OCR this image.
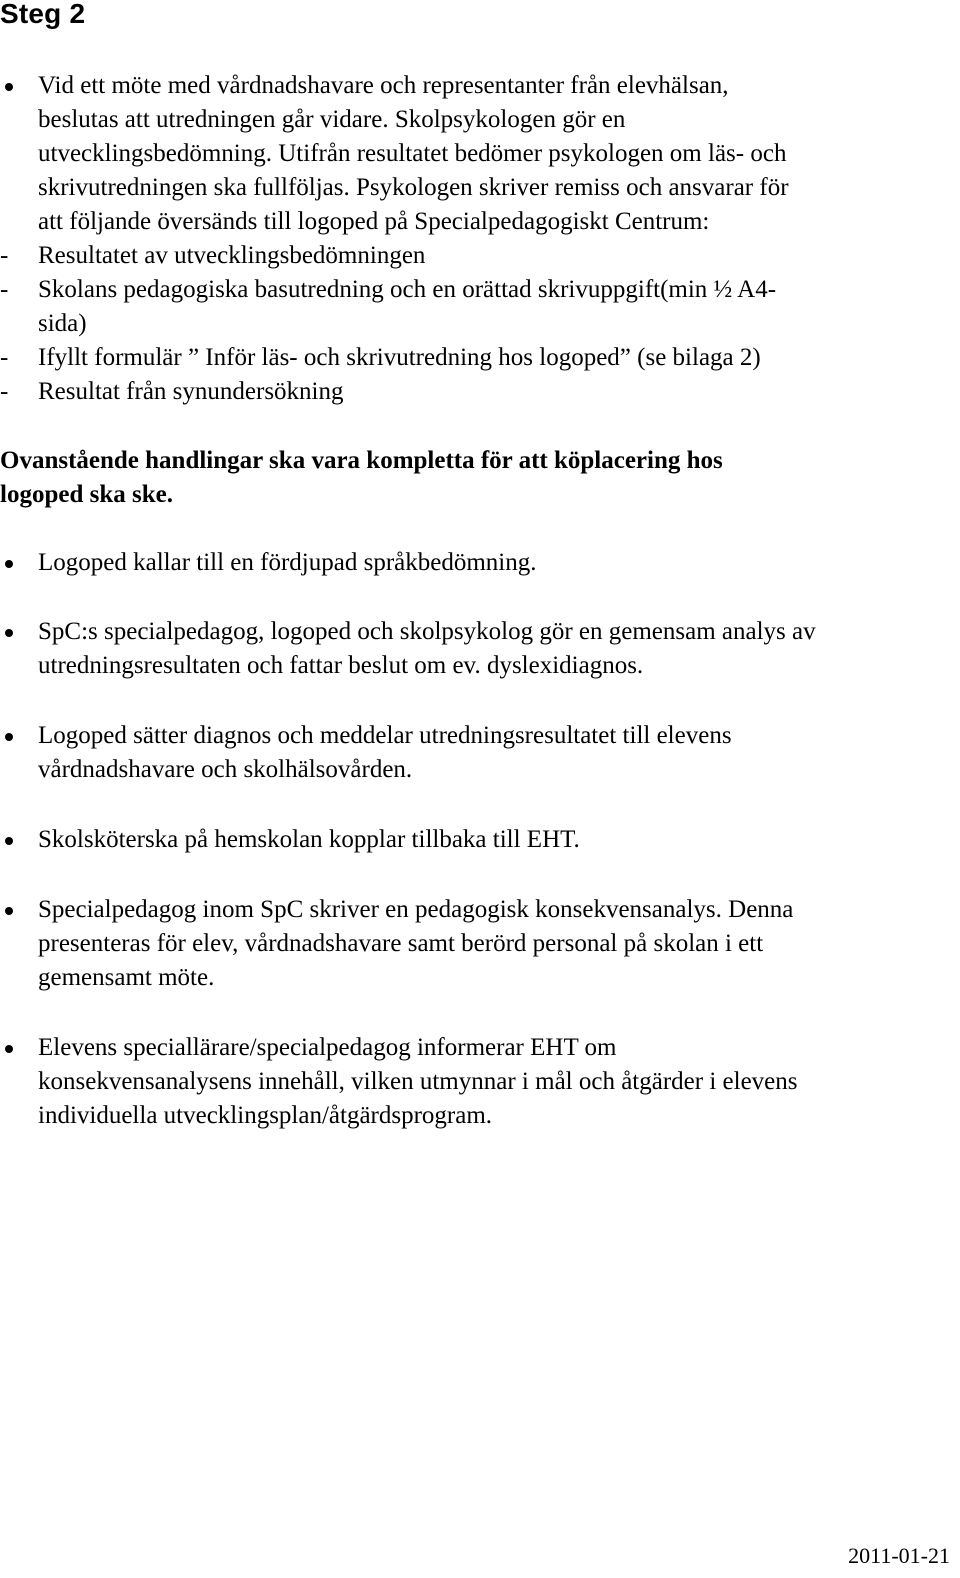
Steg 2
Vid ett möte med vårdnadshavare och representanter från elevhälsan,
beslutas att utredningen går vidare. Skolpsykologen gör en
utvecklingsbedömning. Utifrån resultatet bedömer psykologen om läs- och
skrivutredningen ska fullföljas. Psykologen skriver remiss och ansvarar för
att följande översänds till logoped på Specialpedagogiskt Centrum:
- Resultatet av utvecklingsbedömningen
- Skolans pedagogiska basutredning och en orättad skrivuppgift(min ½ A4-
sida)
- Ifyllt formulär ” Inför läs- och skrivutredning hos logoped” (se bilaga 2)
- Resultat från synundersökning
Ovanstående handlingar ska vara kompletta för att köplacering hos
logoped ska ske.
Logoped kallar till en fördjupad språkbedömning.
SpC:s specialpedagog, logoped och skolpsykolog gör en gemensam analys av
utredningsresultaten och fattar beslut om ev. dyslexidiagnos.
Logoped sätter diagnos och meddelar utredningsresultatet till elevens
vårdnadshavare och skolhälsovården.
Skolsköterska på hemskolan kopplar tillbaka till EHT.
Specialpedagog inom SpC skriver en pedagogisk konsekvensanalys. Denna
presenteras för elev, vårdnadshavare samt berörd personal på skolan i ett
gemensamt möte.
Elevens speciallärare/specialpedagog informerar EHT om
konsekvensanalysens innehåll, vilken utmynnar i mål och åtgärder i elevens
individuella utvecklingsplan/åtgärdsprogram.
2011-01-21
